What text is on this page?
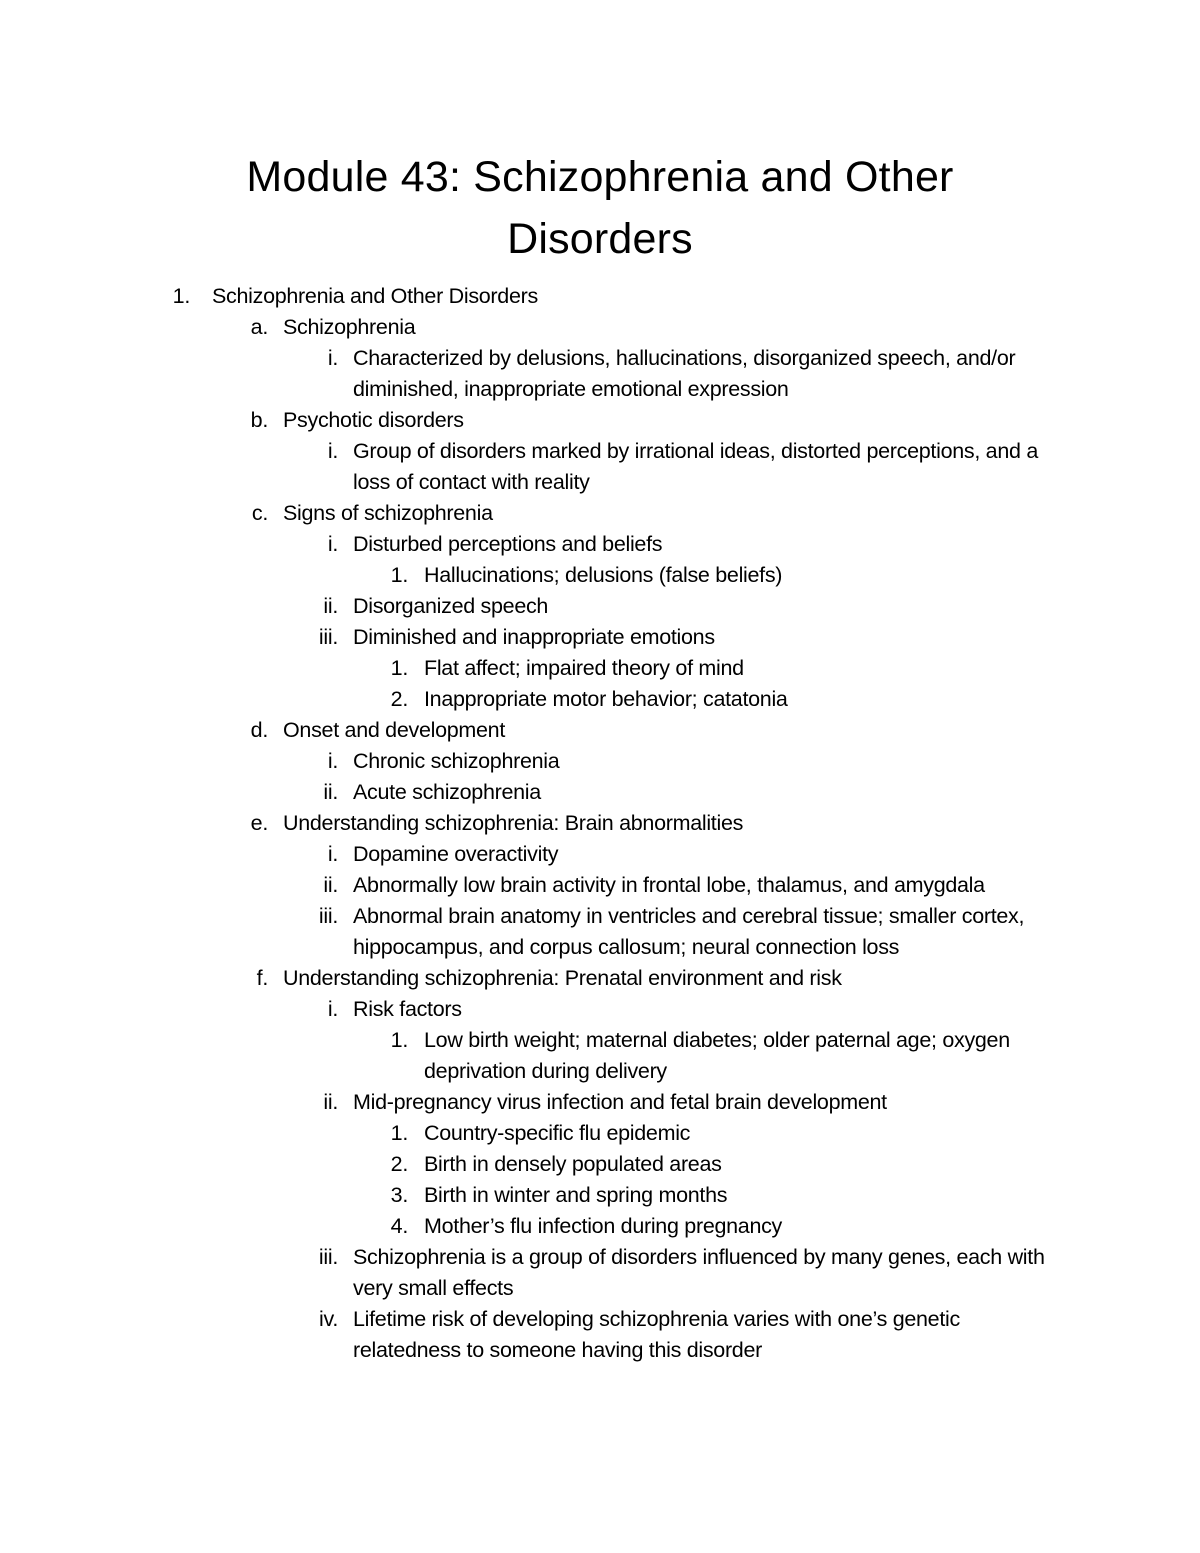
Module 43: Schizophrenia and Other
Disorders
1. Schizophrenia and Other Disorders
a. Schizophrenia
i. Characterized by delusions, hallucinations, disorganized speech, and/or diminished, inappropriate emotional expression
b. Psychotic disorders
i. Group of disorders marked by irrational ideas, distorted perceptions, and a loss of contact with reality
c. Signs of schizophrenia
i. Disturbed perceptions and beliefs
1. Hallucinations; delusions (false beliefs)
ii. Disorganized speech
iii. Diminished and inappropriate emotions
1. Flat affect; impaired theory of mind
2. Inappropriate motor behavior; catatonia
d. Onset and development
i. Chronic schizophrenia
ii. Acute schizophrenia
e. Understanding schizophrenia: Brain abnormalities
i. Dopamine overactivity
ii. Abnormally low brain activity in frontal lobe, thalamus, and amygdala
iii. Abnormal brain anatomy in ventricles and cerebral tissue; smaller cortex, hippocampus, and corpus callosum; neural connection loss
f. Understanding schizophrenia: Prenatal environment and risk
i. Risk factors
1. Low birth weight; maternal diabetes; older paternal age; oxygen deprivation during delivery
ii. Mid-pregnancy virus infection and fetal brain development
1. Country-specific flu epidemic
2. Birth in densely populated areas
3. Birth in winter and spring months
4. Mother’s flu infection during pregnancy
iii. Schizophrenia is a group of disorders influenced by many genes, each with very small effects
iv. Lifetime risk of developing schizophrenia varies with one’s genetic relatedness to someone having this disorder
